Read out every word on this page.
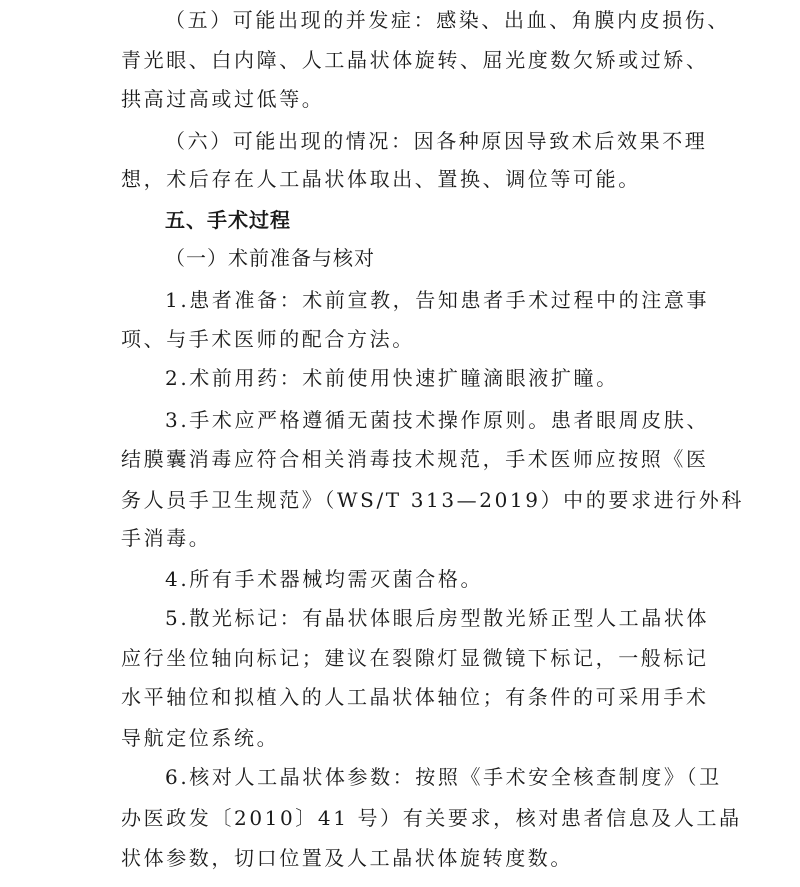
（五）可能出现的并发症：感染、出血、角膜内皮损伤、
青光眼、白内障、人工晶状体旋转、屈光度数欠矫或过矫、
拱高过高或过低等。
（六）可能出现的情况：因各种原因导致术后效果不理
想，术后存在人工晶状体取出、置换、调位等可能。
五、手术过程
（一）术前准备与核对
1.患者准备：术前宣教，告知患者手术过程中的注意事
项、与手术医师的配合方法。
2.术前用药：术前使用快速扩瞳滴眼液扩瞳。
3.手术应严格遵循无菌技术操作原则。患者眼周皮肤、
结膜囊消毒应符合相关消毒技术规范，手术医师应按照《医
务人员手卫生规范》（WS/T 313—2019）中的要求进行外科
手消毒。
4.所有手术器械均需灭菌合格。
5.散光标记：有晶状体眼后房型散光矫正型人工晶状体
应行坐位轴向标记；建议在裂隙灯显微镜下标记，一般标记
水平轴位和拟植入的人工晶状体轴位；有条件的可采用手术
导航定位系统。
6.核对人工晶状体参数：按照《手术安全核查制度》（卫
办医政发〔2010〕41 号）有关要求，核对患者信息及人工晶
状体参数，切口位置及人工晶状体旋转度数。
